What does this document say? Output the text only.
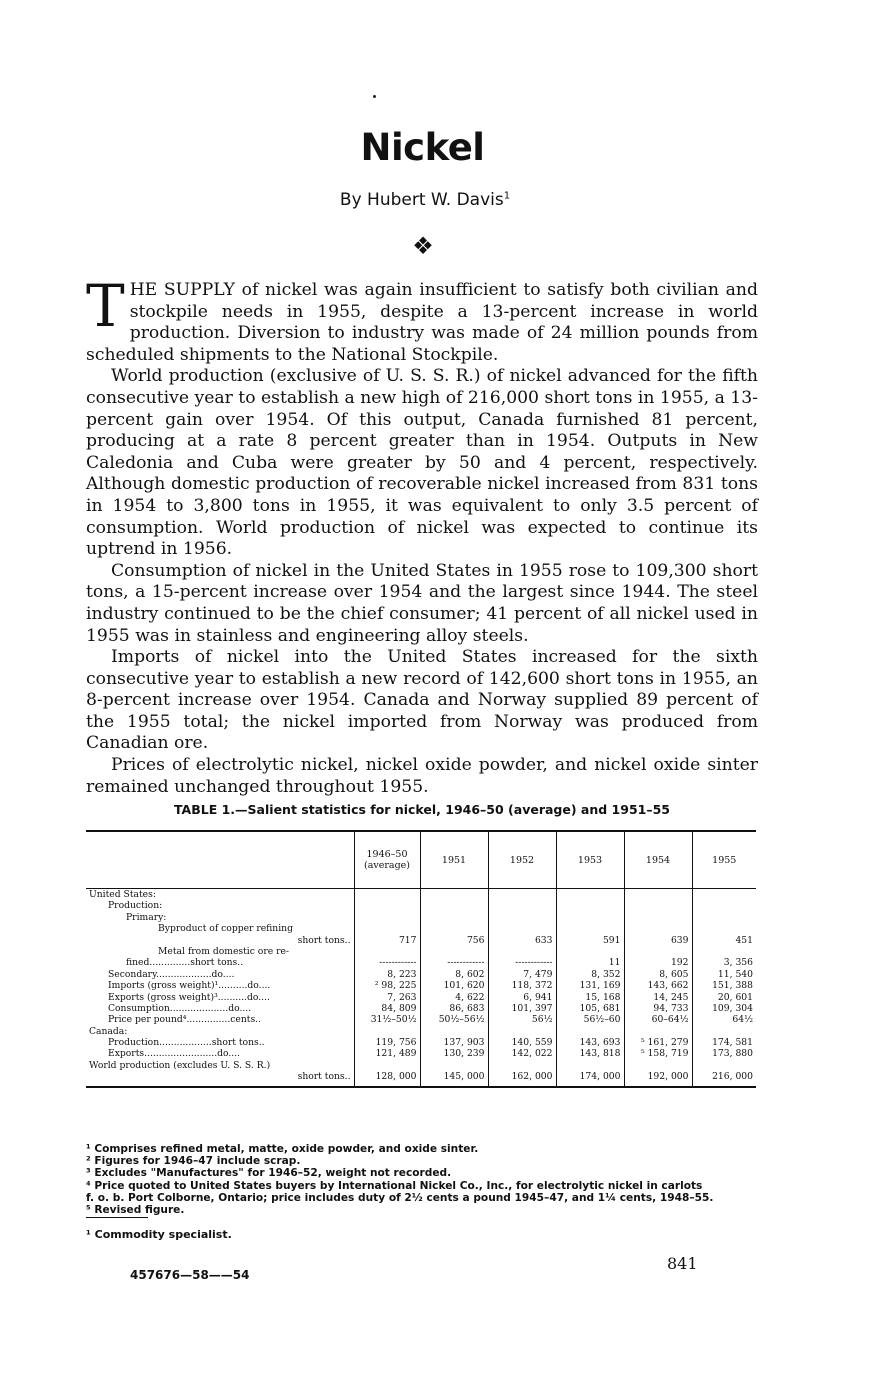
Nickel
By Hubert W. Davis$^1$
❖

THE SUPPLY of nickel was again insufficient to satisfy both civilian and stockpile needs in 1955, despite a 13-percent increase in world production. Diversion to industry was made of 24 million pounds from scheduled shipments to the National Stockpile.

World production (exclusive of U. S. S. R.) of nickel advanced for the fifth consecutive year to establish a new high of 216,000 short tons in 1955, a 13-percent gain over 1954. Of this output, Canada furnished 81 percent, producing at a rate 8 percent greater than in 1954. Outputs in New Caledonia and Cuba were greater by 50 and 4 percent, respectively. Although domestic production of recoverable nickel increased from 831 tons in 1954 to 3,800 tons in 1955, it was equivalent to only 3.5 percent of consumption. World production of nickel was expected to continue its uptrend in 1956.

Consumption of nickel in the United States in 1955 rose to 109,300 short tons, a 15-percent increase over 1954 and the largest since 1944. The steel industry continued to be the chief consumer; 41 percent of all nickel used in 1955 was in stainless and engineering alloy steels.

Imports of nickel into the United States increased for the sixth consecutive year to establish a new record of 142,600 short tons in 1955, an 8-percent increase over 1954. Canada and Norway supplied 89 percent of the 1955 total; the nickel imported from Norway was produced from Canadian ore.

Prices of electrolytic nickel, nickel oxide powder, and nickel oxide sinter remained unchanged throughout 1955.

TABLE 1.—Salient statistics for nickel, 1946–50 (average) and 1951–55
	1946–50 (average)	1951	1952	1953	1954	1955
United States:						
Production:						
Primary:						
Byproduct of copper refining						
short tons..	717	756	633	591	639	451
Metal from domestic ore re-						
fined..............short tons..	------------	------------	------------	11	192	3, 356
Secondary...................do....	8, 223	8, 602	7, 479	8, 352	8, 605	11, 540
Imports (gross weight)¹..........do....	² 98, 225	101, 620	118, 372	131, 169	143, 662	151, 388
Exports (gross weight)³..........do....	7, 263	4, 622	6, 941	15, 168	14, 245	20, 601
Consumption....................do....	84, 809	86, 683	101, 397	105, 681	94, 733	109, 304
Price per pound⁴...............cents..	31½–50½	50½–56½	56½	56½–60	60–64½	64½
Canada:						
Production..................short tons..	119, 756	137, 903	140, 559	143, 693	⁵ 161, 279	174, 581
Exports.........................do....	121, 489	130, 239	142, 022	143, 818	⁵ 158, 719	173, 880
World production (excludes U. S. S. R.)						
short tons..	128, 000	145, 000	162, 000	174, 000	192, 000	216, 000
¹ Comprises refined metal, matte, oxide powder, and oxide sinter.
² Figures for 1946–47 include scrap.
³ Excludes "Manufactures" for 1946–52, weight not recorded.
⁴ Price quoted to United States buyers by International Nickel Co., Inc., for electrolytic nickel in carlots
f. o. b. Port Colborne, Ontario; price includes duty of 2½ cents a pound 1945–47, and 1¼ cents, 1948–55.
⁵ Revised figure.
¹ Commodity specialist.
841
457676—58——54
